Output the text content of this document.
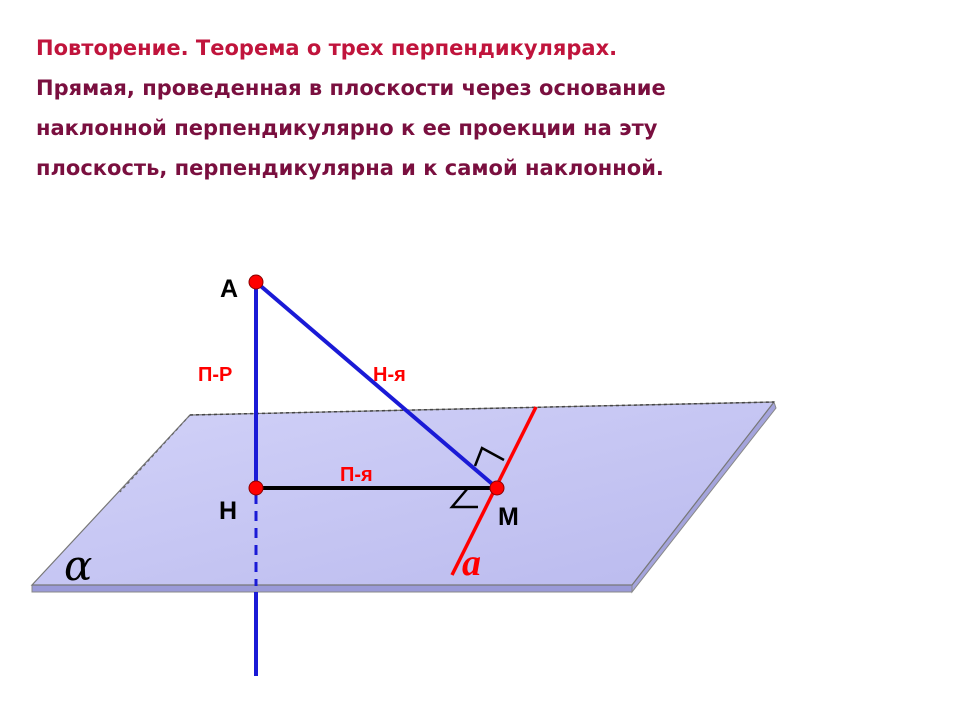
Повторение. Теорема о трех перпендикулярах.
Прямая, проведенная в плоскости через основание
наклонной перпендикулярно к ее проекции на эту
плоскость, перпендикулярна и к самой наклонной.
А
Н	М
П-Р	Н-я
П-я
a
α
